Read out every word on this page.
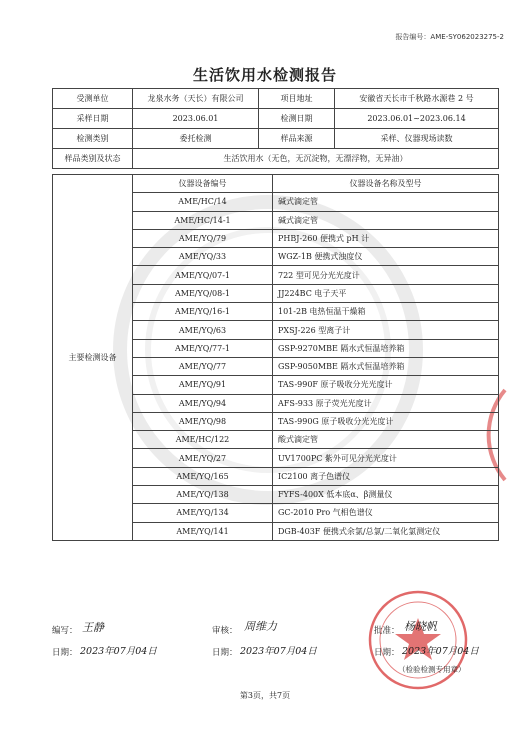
报告编号：AME-SY062023275-2
生活饮用水检测报告
受测单位	龙泉水务（天长）有限公司	项目地址	安徽省天长市千秋路水源巷 2 号
采样日期	2023.06.01	检测日期	2023.06.01~2023.06.14
检测类别	委托检测	样品来源	采样、仪器现场读数
样品类别及状态	生活饮用水（无色，无沉淀物，无漂浮物，无异油）		
主要检测设备	仪器设备编号	仪器设备名称及型号
	AME/HC/14	碱式滴定管
	AME/HC/14-1	碱式滴定管
	AME/YQ/79	PHBJ-260 便携式 pH 计
	AME/YQ/33	WGZ-1B 便携式浊度仪
	AME/YQ/07-1	722 型可见分光光度计
	AME/YQ/08-1	JJ224BC 电子天平
	AME/YQ/16-1	101-2B 电热恒温干燥箱
	AME/YQ/63	PXSJ-226 型离子计
	AME/YQ/77-1	GSP-9270MBE 隔水式恒温培养箱
	AME/YQ/77	GSP-9050MBE 隔水式恒温培养箱
	AME/YQ/91	TAS-990F 原子吸收分光光度计
	AME/YQ/94	AFS-933 原子荧光光度计
	AME/YQ/98	TAS-990G 原子吸收分光光度计
	AME/HC/122	酸式滴定管
	AME/YQ/27	UV1700PC 紫外可见分光光度计
	AME/YQ/165	IC2100 离子色谱仪
	AME/YQ/138	FYFS-400X 低本底α、β测量仪
	AME/YQ/134	GC-2010 Pro 气相色谱仪
	AME/YQ/141	DGB-403F 便携式余氯/总氯/二氧化氯测定仪
编写： 王静
日期： 2023年07月04日
审核： 周维力
日期： 2023年07月04日
批准： 杨晓帆
日期： 2023年07月04日
（检验检测专用章）
第3页，共7页
